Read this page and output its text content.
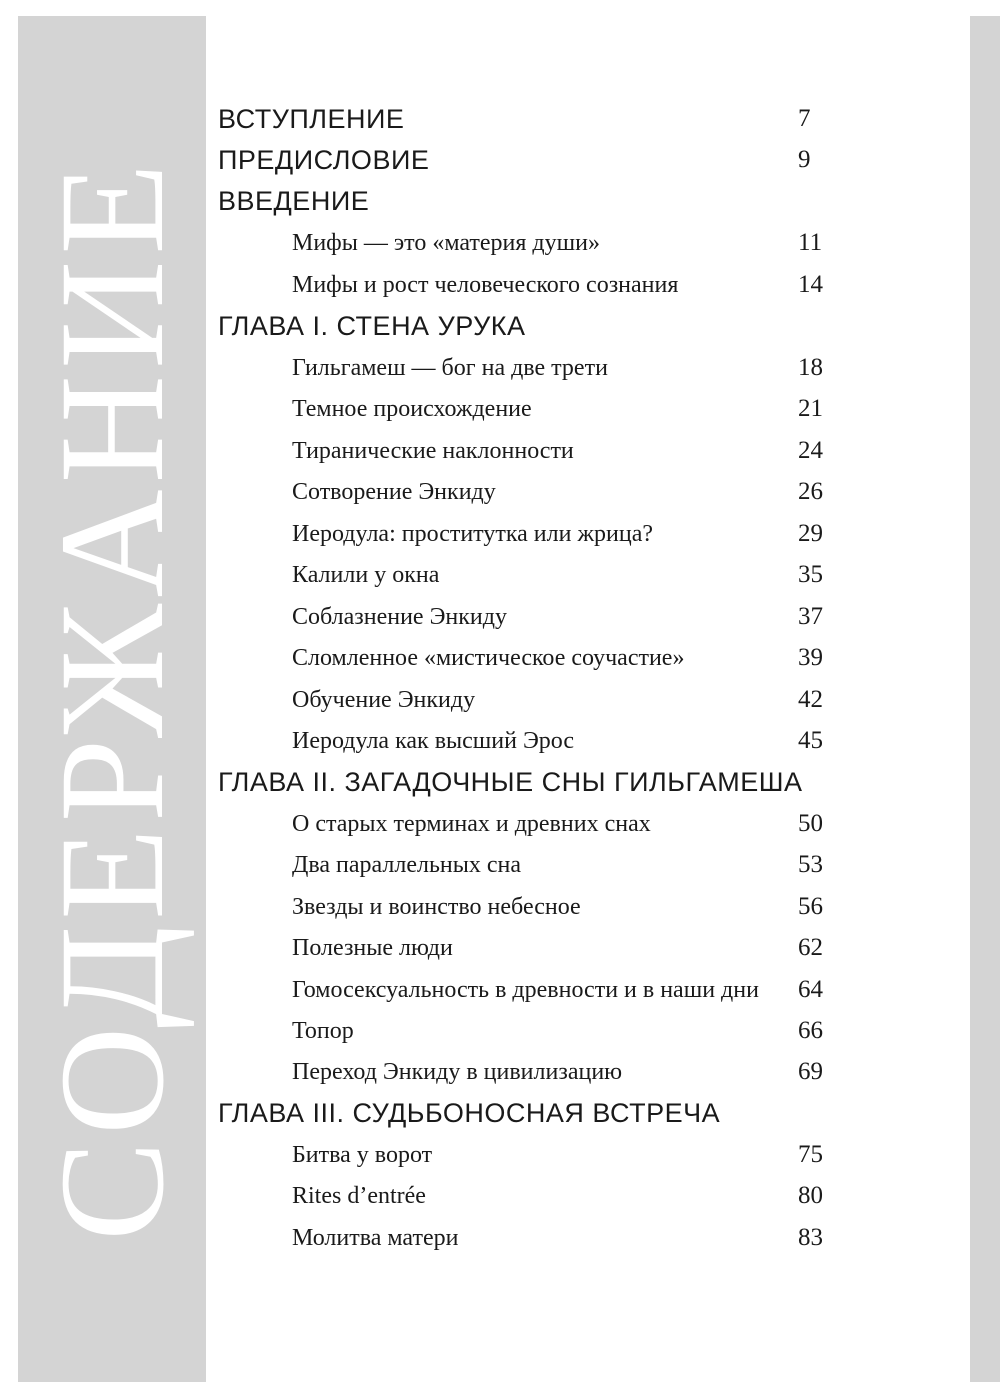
СОДЕРЖАНИЕ
ВСТУПЛЕНИЕ	7
ПРЕДИСЛОВИЕ	9
ВВЕДЕНИЕ
Мифы — это «материя души»	11
Мифы и рост человеческого сознания	14
ГЛАВА I. СТЕНА УРУКА
Гильгамеш — бог на две трети	18
Темное происхождение	21
Тиранические наклонности	24
Сотворение Энкиду	26
Иеродула: проститутка или жрица?	29
Калили у окна	35
Соблазнение Энкиду	37
Сломленное «мистическое соучастие»	39
Обучение Энкиду	42
Иеродула как высший Эрос	45
ГЛАВА II. ЗАГАДОЧНЫЕ СНЫ ГИЛЬГАМЕША
О старых терминах и древних снах	50
Два параллельных сна	53
Звезды и воинство небесное	56
Полезные люди	62
Гомосексуальность в древности и в наши дни 64
Топор	66
Переход Энкиду в цивилизацию	69
ГЛАВА III. СУДЬБОНОСНАЯ ВСТРЕЧА
Битва у ворот	75
Rites d’entrée	80
Молитва матери	83
